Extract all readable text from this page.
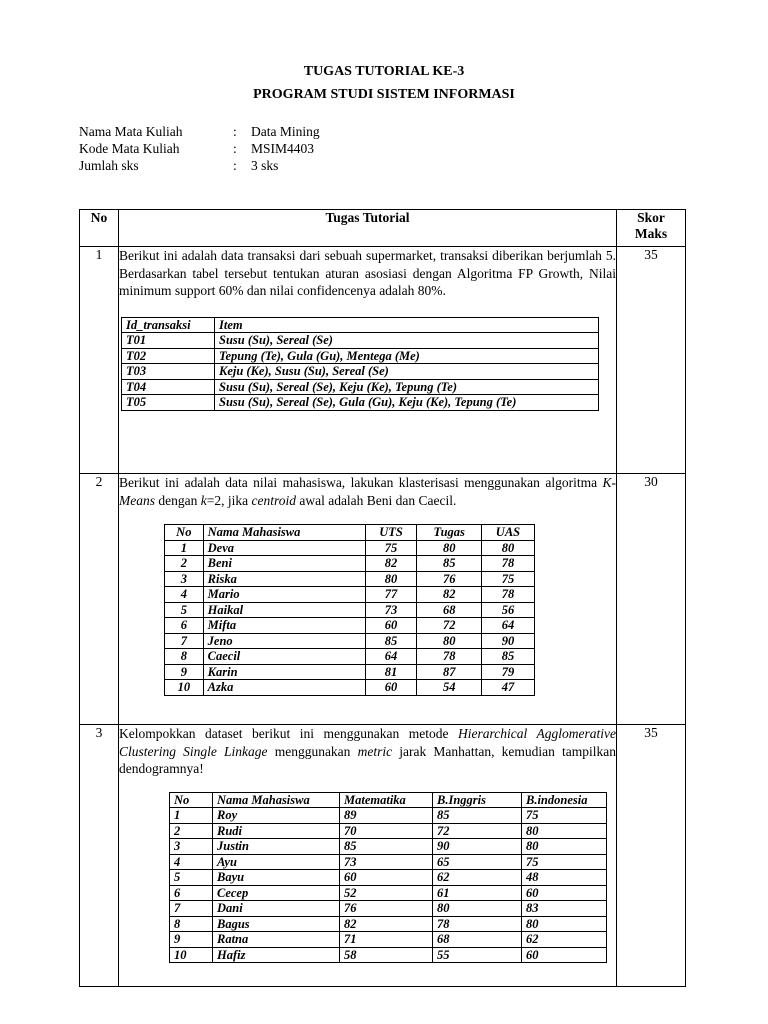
TUGAS TUTORIAL KE-3
PROGRAM STUDI SISTEM INFORMASI
Nama Mata Kuliah	:	Data Mining
Kode Mata Kuliah	:	MSIM4403
Jumlah sks	:	3 sks
No	Tugas Tutorial	Skor
Maks

1	Berikut ini adalah data transaksi dari sebuah supermarket, transaksi diberikan berjumlah 5. Berdasarkan tabel tersebut tentukan aturan asosiasi dengan Algoritma FP Growth, Nilai minimum support 60% dan nilai confidencenya adalah 80%.
Id_transaksi	Item
T01	Susu (Su), Sereal (Se)
T02	Tepung (Te), Gula (Gu), Mentega (Me)
T03	Keju (Ke), Susu (Su), Sereal (Se)
T04	Susu (Su), Sereal (Se), Keju (Ke), Tepung (Te)
T05	Susu (Su), Sereal (Se), Gula (Gu), Keju (Ke), Tepung (Te)
	35
2	Berikut ini adalah data nilai mahasiswa, lakukan klasterisasi menggunakan algoritma K-Means dengan k=2, jika centroid awal adalah Beni dan Caecil.
No	Nama Mahasiswa	UTS	Tugas	UAS
1	Deva	75	80	80
2	Beni	82	85	78
3	Riska	80	76	75
4	Mario	77	82	78
5	Haikal	73	68	56
6	Mifta	60	72	64
7	Jeno	85	80	90
8	Caecil	64	78	85
9	Karin	81	87	79
10	Azka	60	54	47
	30
3	Kelompokkan dataset berikut ini menggunakan metode Hierarchical Agglomerative Clustering Single Linkage menggunakan metric jarak Manhattan, kemudian tampilkan dendogramnya!
No	Nama Mahasiswa	Matematika	B.Inggris	B.indonesia
1	Roy	89	85	75
2	Rudi	70	72	80
3	Justin	85	90	80
4	Ayu	73	65	75
5	Bayu	60	62	48
6	Cecep	52	61	60
7	Dani	76	80	83
8	Bagus	82	78	80
9	Ratna	71	68	62
10	Hafiz	58	55	60
	35
